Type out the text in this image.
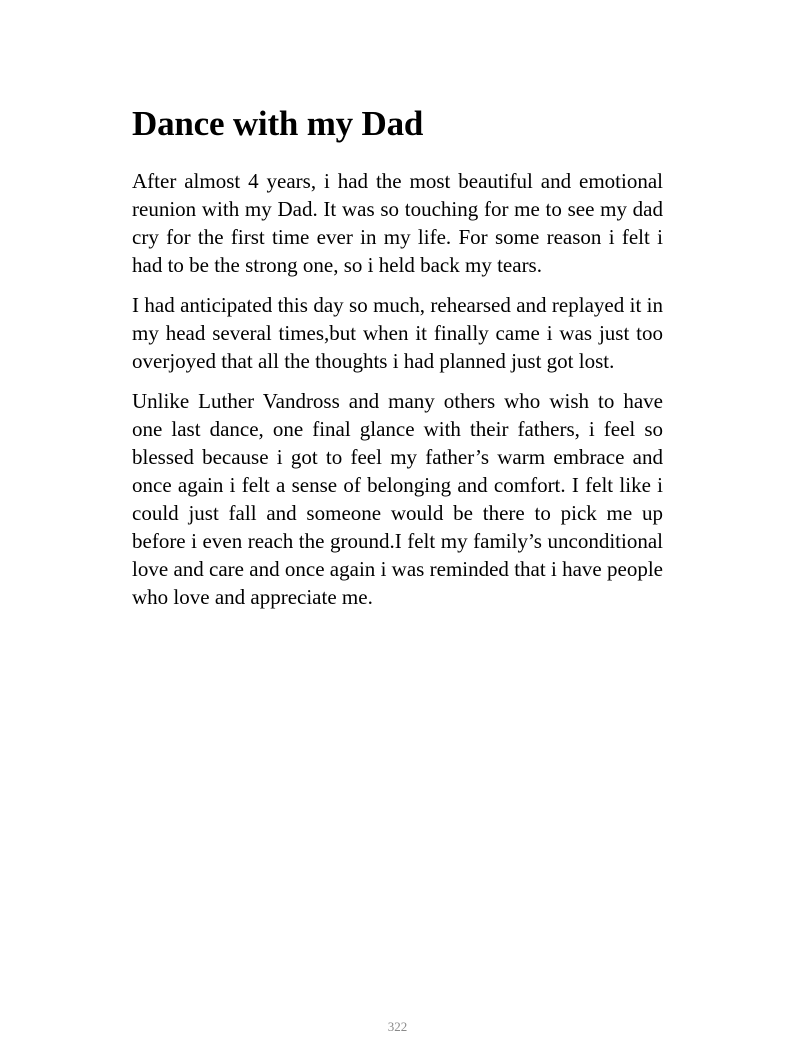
Dance with my Dad

After almost 4 years, i had the most beautiful and emotional reunion with my Dad. It was so touching for me to see my dad cry for the first time ever in my life. For some reason i felt i had to be the strong one, so i held back my tears.

I had anticipated this day so much, rehearsed and replayed it in my head several times,but when it finally came i was just too overjoyed that all the thoughts i had planned just got lost.

Unlike Luther Vandross and many others who wish to have one last dance, one final glance with their fathers, i feel so blessed because i got to feel my father’s warm embrace and once again i felt a sense of belonging and comfort. I felt like i could just fall and someone would be there to pick me up before i even reach the ground.I felt my family’s unconditional love and care and once again i was reminded that i have people who love and appreciate me.

322
